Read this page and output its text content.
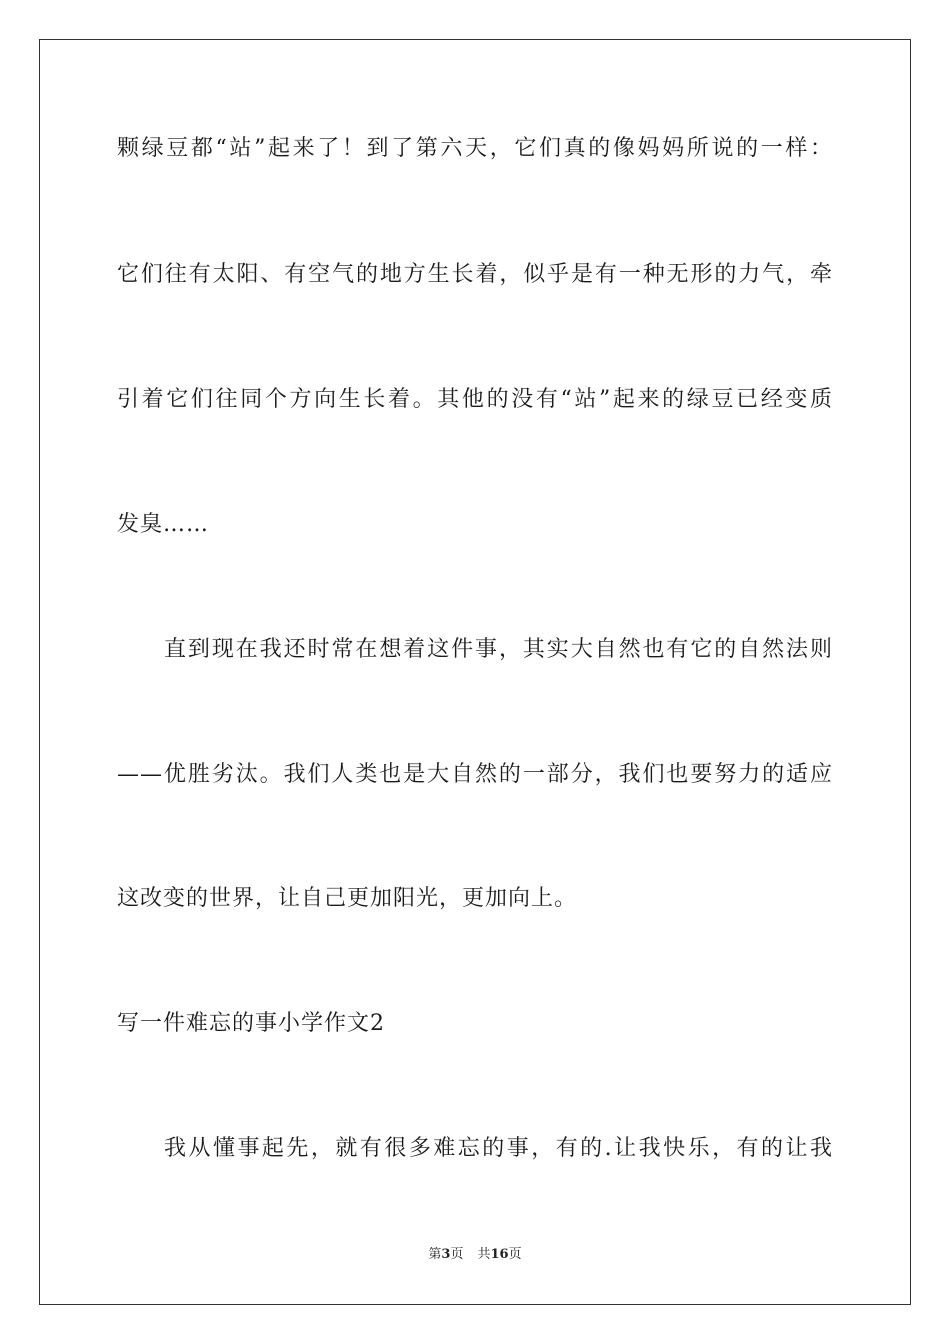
颗绿豆都“站”起来了！到了第六天，它们真的像妈妈所说的一样：
它们往有太阳、有空气的地方生长着，似乎是有一种无形的力气，牵
引着它们往同个方向生长着。其他的没有“站”起来的绿豆已经变质
发臭……
直到现在我还时常在想着这件事，其实大自然也有它的自然法则
——优胜劣汰。我们人类也是大自然的一部分，我们也要努力的适应
这改变的世界，让自己更加阳光，更加向上。
写一件难忘的事小学作文2
我从懂事起先，就有很多难忘的事，有的.让我快乐，有的让我
第3页 共16页
